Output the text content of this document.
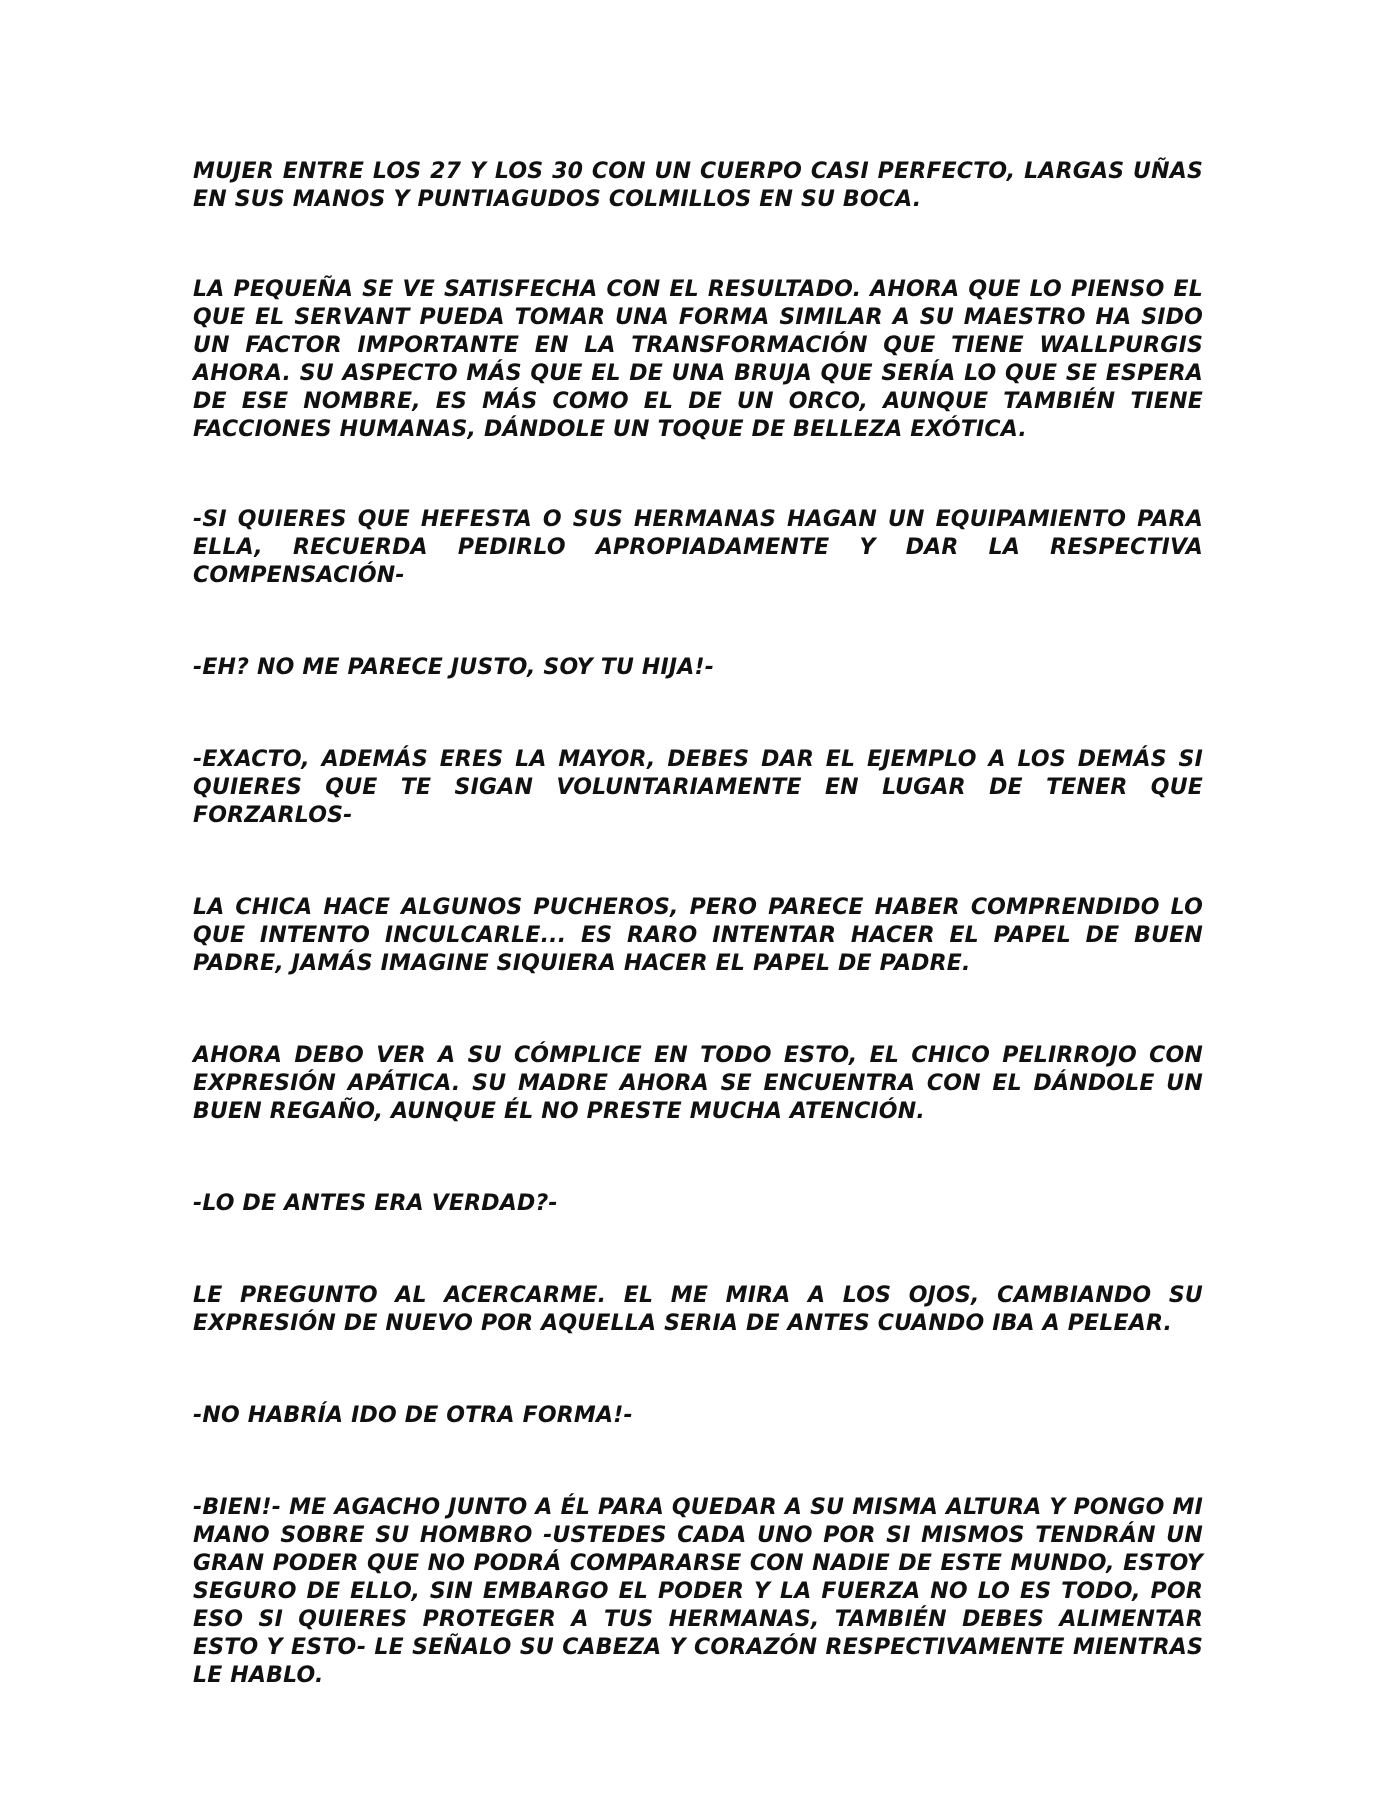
MUJER ENTRE LOS 27 Y LOS 30 CON UN CUERPO CASI PERFECTO, LARGAS UÑAS EN SUS MANOS Y PUNTIAGUDOS COLMILLOS EN SU BOCA.

LA PEQUEÑA SE VE SATISFECHA CON EL RESULTADO. AHORA QUE LO PIENSO EL QUE EL SERVANT PUEDA TOMAR UNA FORMA SIMILAR A SU MAESTRO HA SIDO UN FACTOR IMPORTANTE EN LA TRANSFORMACIÓN QUE TIENE WALLPURGIS AHORA. SU ASPECTO MÁS QUE EL DE UNA BRUJA QUE SERÍA LO QUE SE ESPERA DE ESE NOMBRE, ES MÁS COMO EL DE UN ORCO, AUNQUE TAMBIÉN TIENE FACCIONES HUMANAS, DÁNDOLE UN TOQUE DE BELLEZA EXÓTICA.

-SI QUIERES QUE HEFESTA O SUS HERMANAS HAGAN UN EQUIPAMIENTO PARA ELLA, RECUERDA PEDIRLO APROPIADAMENTE Y DAR LA RESPECTIVA COMPENSACIÓN-

-EH? NO ME PARECE JUSTO, SOY TU HIJA!-

-EXACTO, ADEMÁS ERES LA MAYOR, DEBES DAR EL EJEMPLO A LOS DEMÁS SI QUIERES QUE TE SIGAN VOLUNTARIAMENTE EN LUGAR DE TENER QUE FORZARLOS-

LA CHICA HACE ALGUNOS PUCHEROS, PERO PARECE HABER COMPRENDIDO LO QUE INTENTO INCULCARLE... ES RARO INTENTAR HACER EL PAPEL DE BUEN PADRE, JAMÁS IMAGINE SIQUIERA HACER EL PAPEL DE PADRE.

AHORA DEBO VER A SU CÓMPLICE EN TODO ESTO, EL CHICO PELIRROJO CON EXPRESIÓN APÁTICA. SU MADRE AHORA SE ENCUENTRA CON EL DÁNDOLE UN BUEN REGAÑO, AUNQUE ÉL NO PRESTE MUCHA ATENCIÓN.

-LO DE ANTES ERA VERDAD?-

LE PREGUNTO AL ACERCARME. EL ME MIRA A LOS OJOS, CAMBIANDO SU EXPRESIÓN DE NUEVO POR AQUELLA SERIA DE ANTES CUANDO IBA A PELEAR.

-NO HABRÍA IDO DE OTRA FORMA!-

-BIEN!- ME AGACHO JUNTO A ÉL PARA QUEDAR A SU MISMA ALTURA Y PONGO MI MANO SOBRE SU HOMBRO -USTEDES CADA UNO POR SI MISMOS TENDRÁN UN GRAN PODER QUE NO PODRÁ COMPARARSE CON NADIE DE ESTE MUNDO, ESTOY SEGURO DE ELLO, SIN EMBARGO EL PODER Y LA FUERZA NO LO ES TODO, POR ESO SI QUIERES PROTEGER A TUS HERMANAS, TAMBIÉN DEBES ALIMENTAR ESTO Y ESTO- LE SEÑALO SU CABEZA Y CORAZÓN RESPECTIVAMENTE MIENTRAS LE HABLO.
